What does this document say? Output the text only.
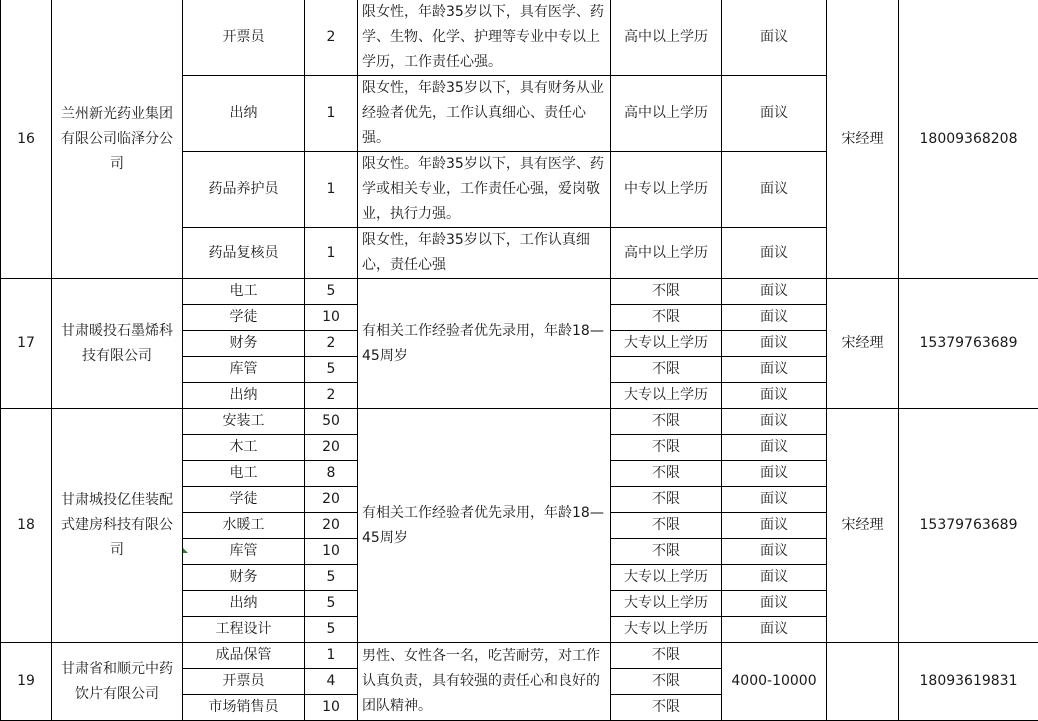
16	兰州新光药业集团有限公司临泽分公司	开票员	2	限女性，年龄35岁以下，具有医学、药学、生物、化学、护理等专业中专以上学历，工作责任心强。	高中以上学历	面议	宋经理	18009368208
		出纳	1	限女性，年龄35岁以下，具有财务从业经验者优先，工作认真细心、责任心强。	高中以上学历	面议		
		药品养护员	1	限女性。年龄35岁以下，具有医学、药学或相关专业，工作责任心强，爱岗敬业，执行力强。	中专以上学历	面议		
		药品复核员	1	限女性，年龄35岁以下，工作认真细心，责任心强	高中以上学历	面议		
17	甘肃暖投石墨烯科技有限公司	电工	5	有相关工作经验者优先录用，年龄18—45周岁	不限	面议	宋经理	15379763689
		学徒	10		不限	面议		
		财务	2		大专以上学历	面议		
		库管	5		不限	面议		
		出纳	2		大专以上学历	面议		
18	甘肃城投亿佳装配式建房科技有限公司	安装工	50	有相关工作经验者优先录用，年龄18—45周岁	不限	面议	宋经理	15379763689
		木工	20		不限	面议		
		电工	8		不限	面议		
		学徒	20		不限	面议		
		水暖工	20		不限	面议		
		库管	10		不限	面议		
		财务	5		大专以上学历	面议		
		出纳	5		大专以上学历	面议		
		工程设计	5		大专以上学历	面议		
19	甘肃省和顺元中药饮片有限公司	成品保管	1	男性、女性各一名，吃苦耐劳，对工作认真负责，具有较强的责任心和良好的团队精神。	不限	4000-10000		18093619831
		开票员	4		不限			
		市场销售员	10		不限			
